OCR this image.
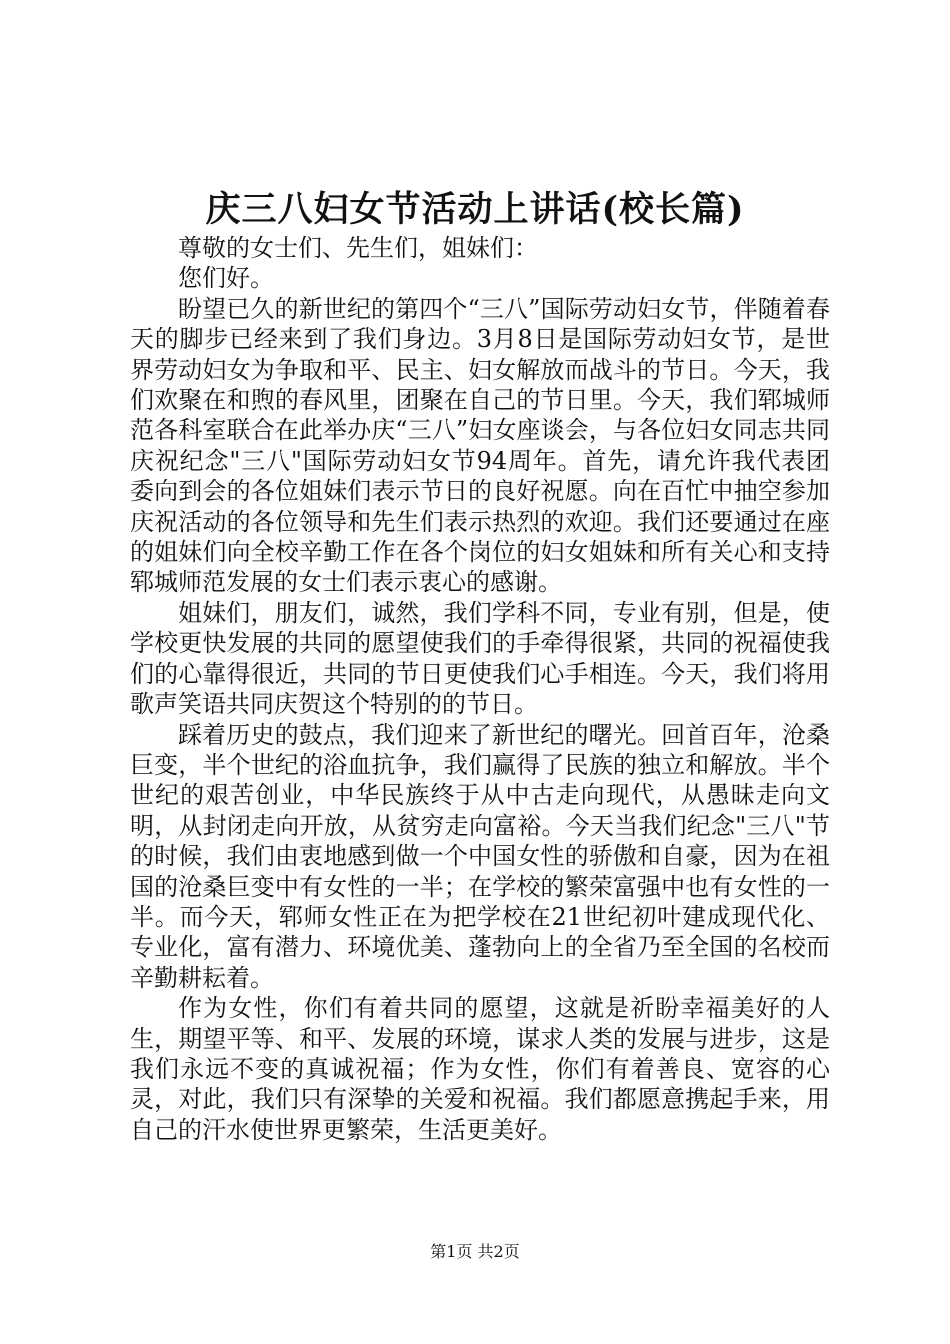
庆三八妇女节活动上讲话(校长篇)

尊敬的女士们、先生们，姐妹们：

您们好。

盼望已久的新世纪的第四个“三八”国际劳动妇女节，伴随着春天的脚步已经来到了我们身边。3月8日是国际劳动妇女节，是世界劳动妇女为争取和平、民主、妇女解放而战斗的节日。今天，我们欢聚在和煦的春风里，团聚在自己的节日里。今天，我们郓城师范各科室联合在此举办庆“三八”妇女座谈会，与各位妇女同志共同庆祝纪念"三八"国际劳动妇女节94周年。首先，请允许我代表团委向到会的各位姐妹们表示节日的良好祝愿。向在百忙中抽空参加庆祝活动的各位领导和先生们表示热烈的欢迎。我们还要通过在座的姐妹们向全校辛勤工作在各个岗位的妇女姐妹和所有关心和支持郓城师范发展的女士们表示衷心的感谢。

姐妹们，朋友们，诚然，我们学科不同，专业有别，但是，使学校更快发展的共同的愿望使我们的手牵得很紧，共同的祝福使我们的心靠得很近，共同的节日更使我们心手相连。今天，我们将用歌声笑语共同庆贺这个特别的的节日。

踩着历史的鼓点，我们迎来了新世纪的曙光。回首百年，沧桑巨变，半个世纪的浴血抗争，我们赢得了民族的独立和解放。半个世纪的艰苦创业，中华民族终于从中古走向现代，从愚昧走向文明，从封闭走向开放，从贫穷走向富裕。今天当我们纪念"三八"节的时候，我们由衷地感到做一个中国女性的骄傲和自豪，因为在祖国的沧桑巨变中有女性的一半；在学校的繁荣富强中也有女性的一半。而今天，郓师女性正在为把学校在21世纪初叶建成现代化、专业化，富有潜力、环境优美、蓬勃向上的全省乃至全国的名校而辛勤耕耘着。

作为女性，你们有着共同的愿望，这就是祈盼幸福美好的人生，期望平等、和平、发展的环境，谋求人类的发展与进步，这是我们永远不变的真诚祝福；作为女性，你们有着善良、宽容的心灵，对此，我们只有深挚的关爱和祝福。我们都愿意携起手来，用自己的汗水使世界更繁荣，生活更美好。

第1页 共2页
